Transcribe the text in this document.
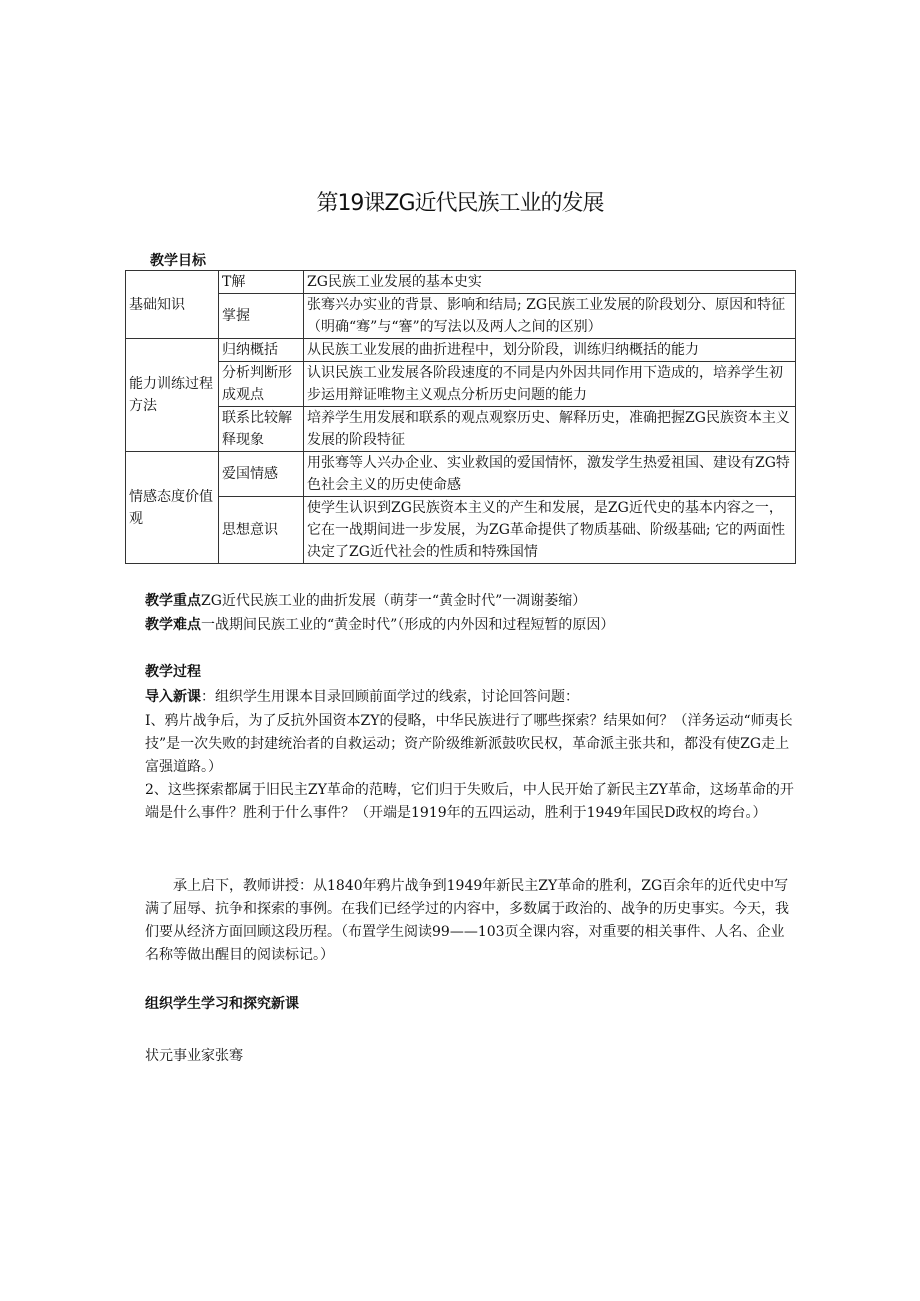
第19课ZG近代民族工业的发展
教学目标
基础知识	T解	ZG民族工业发展的基本史实
	掌握	张骞兴办实业的背景、影响和结局; ZG民族工业发展的阶段划分、原因和特征（明确“骞”与“謇”的写法以及两人之间的区别）
能力训练过程方法	归纳概括	从民族工业发展的曲折进程中，划分阶段，训练归纳概括的能力
	分析判断形成观点	认识民族工业发展各阶段速度的不同是内外因共同作用下造成的，培养学生初步运用辩证唯物主义观点分析历史问题的能力
	联系比较解释现象	培养学生用发展和联系的观点观察历史、解释历史，准确把握ZG民族资本主义发展的阶段特征
情感态度价值观	爱国情感	用张骞等人兴办企业、实业救国的爱国情怀，激发学生热爱祖国、建设有ZG特色社会主义的历史使命感
	思想意识	使学生认识到ZG民族资本主义的产生和发展，是ZG近代史的基本内容之一，它在一战期间进一步发展，为ZG革命提供了物质基础、阶级基础; 它的两面性决定了ZG近代社会的性质和特殊国情
教学重点ZG近代民族工业的曲折发展（萌芽一“黄金时代”一凋谢萎缩）
教学难点一战期间民族工业的“黄金时代”（形成的内外因和过程短暂的原因）
教学过程
导入新课：组织学生用课本目录回顾前面学过的线索，讨论回答问题：
I、鸦片战争后，为了反抗外国资本ZY的侵略，中华民族进行了哪些探索？结果如何？（洋务运动“师夷长技”是一次失败的封建统治者的自救运动；资产阶级维新派鼓吹民权，革命派主张共和，都没有使ZG走上富强道路。）
2、这些探索都属于旧民主ZY革命的范畴，它们归于失败后，中人民开始了新民主ZY革命，这场革命的开端是什么事件？胜利于什么事件？（开端是1919年的五四运动，胜利于1949年国民D政权的垮台。）
承上启下，教师讲授：从1840年鸦片战争到1949年新民主ZY革命的胜利，ZG百余年的近代史中写满了屈辱、抗争和探索的事例。在我们已经学过的内容中，多数属于政治的、战争的历史事实。今天，我们要从经济方面回顾这段历程。（布置学生阅读99——103页全课内容，对重要的相关事件、人名、企业名称等做出醒目的阅读标记。）
组织学生学习和探究新课
状元事业家张骞
